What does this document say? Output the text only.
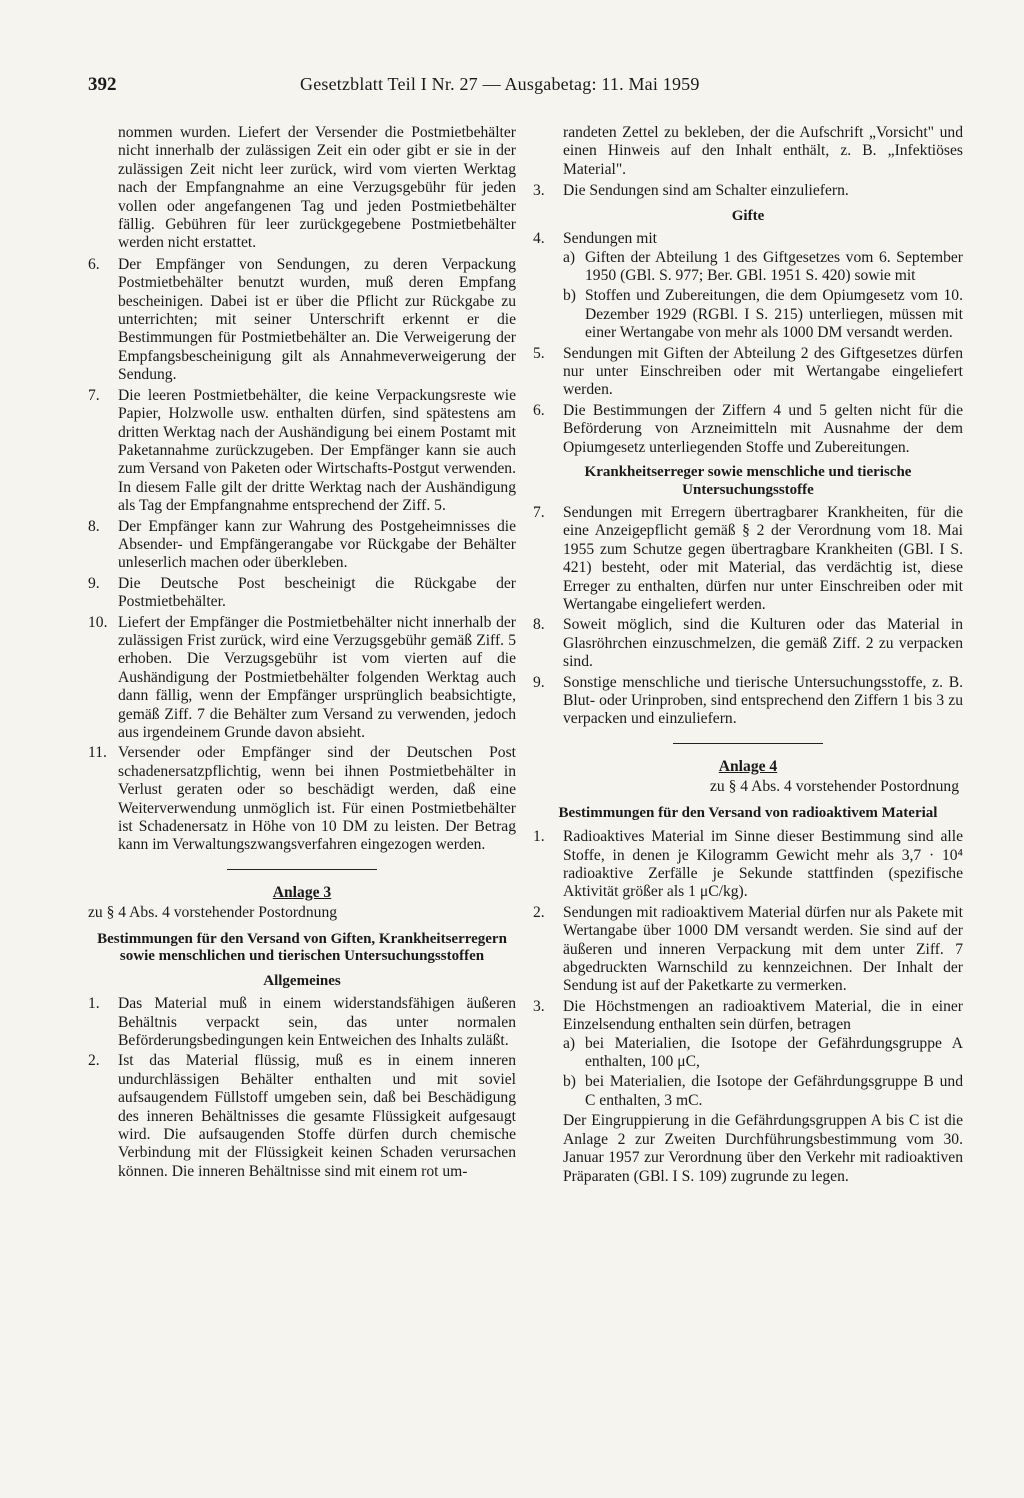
392	Gesetzblatt Teil I Nr. 27 — Ausgabetag: 11. Mai 1959
nommen wurden. Liefert der Versender die Postmietbehälter nicht innerhalb der zulässigen Zeit ein oder gibt er sie in der zulässigen Zeit nicht leer zurück, wird vom vierten Werktag nach der Empfangnahme an eine Verzugsgebühr für jeden vollen oder angefangenen Tag und jeden Postmietbehälter fällig. Gebühren für leer zurückgegebene Postmietbehälter werden nicht erstattet.
6. Der Empfänger von Sendungen, zu deren Verpackung Postmietbehälter benutzt wurden, muß deren Empfang bescheinigen. Dabei ist er über die Pflicht zur Rückgabe zu unterrichten; mit seiner Unterschrift erkennt er die Bestimmungen für Postmietbehälter an. Die Verweigerung der Empfangsbescheinigung gilt als Annahmeverweigerung der Sendung.
7. Die leeren Postmietbehälter, die keine Verpackungsreste wie Papier, Holzwolle usw. enthalten dürfen, sind spätestens am dritten Werktag nach der Aushändigung bei einem Postamt mit Paketannahme zurückzugeben. Der Empfänger kann sie auch zum Versand von Paketen oder Wirtschafts-Postgut verwenden. In diesem Falle gilt der dritte Werktag nach der Aushändigung als Tag der Empfangnahme entsprechend der Ziff. 5.
8. Der Empfänger kann zur Wahrung des Postgeheimnisses die Absender- und Empfängerangabe vor Rückgabe der Behälter unleserlich machen oder überkleben.
9. Die Deutsche Post bescheinigt die Rückgabe der Postmietbehälter.
10. Liefert der Empfänger die Postmietbehälter nicht innerhalb der zulässigen Frist zurück, wird eine Verzugsgebühr gemäß Ziff. 5 erhoben. Die Verzugsgebühr ist vom vierten auf die Aushändigung der Postmietbehälter folgenden Werktag auch dann fällig, wenn der Empfänger ursprünglich beabsichtigte, gemäß Ziff. 7 die Behälter zum Versand zu verwenden, jedoch aus irgendeinem Grunde davon absieht.
11. Versender oder Empfänger sind der Deutschen Post schadenersatzpflichtig, wenn bei ihnen Postmietbehälter in Verlust geraten oder so beschädigt werden, daß eine Weiterverwendung unmöglich ist. Für einen Postmietbehälter ist Schadenersatz in Höhe von 10 DM zu leisten. Der Betrag kann im Verwaltungszwangsverfahren eingezogen werden.
Anlage 3
zu § 4 Abs. 4 vorstehender Postordnung
Bestimmungen für den Versand von Giften, Krankheitserregern sowie menschlichen und tierischen Untersuchungsstoffen
Allgemeines
1. Das Material muß in einem widerstandsfähigen äußeren Behältnis verpackt sein, das unter normalen Beförderungsbedingungen kein Entweichen des Inhalts zuläßt.
2. Ist das Material flüssig, muß es in einem inneren undurchlässigen Behälter enthalten und mit soviel aufsaugendem Füllstoff umgeben sein, daß bei Beschädigung des inneren Behältnisses die gesamte Flüssigkeit aufgesaugt wird. Die aufsaugenden Stoffe dürfen durch chemische Verbindung mit der Flüssigkeit keinen Schaden verursachen können. Die inneren Behältnisse sind mit einem rot um-
randeten Zettel zu bekleben, der die Aufschrift „Vorsicht" und einen Hinweis auf den Inhalt enthält, z. B. „Infektiöses Material".
3. Die Sendungen sind am Schalter einzuliefern.
Gifte
4. Sendungen mit
a) Giften der Abteilung 1 des Giftgesetzes vom 6. September 1950 (GBl. S. 977; Ber. GBl. 1951 S. 420) sowie mit
b) Stoffen und Zubereitungen, die dem Opiumgesetz vom 10. Dezember 1929 (RGBl. I S. 215) unterliegen, müssen mit einer Wertangabe von mehr als 1000 DM versandt werden.
5. Sendungen mit Giften der Abteilung 2 des Giftgesetzes dürfen nur unter Einschreiben oder mit Wertangabe eingeliefert werden.
6. Die Bestimmungen der Ziffern 4 und 5 gelten nicht für die Beförderung von Arzneimitteln mit Ausnahme der dem Opiumgesetz unterliegenden Stoffe und Zubereitungen.
Krankheitserreger sowie menschliche und tierische Untersuchungsstoffe
7. Sendungen mit Erregern übertragbarer Krankheiten, für die eine Anzeigepflicht gemäß § 2 der Verordnung vom 18. Mai 1955 zum Schutze gegen übertragbare Krankheiten (GBl. I S. 421) besteht, oder mit Material, das verdächtig ist, diese Erreger zu enthalten, dürfen nur unter Einschreiben oder mit Wertangabe eingeliefert werden.
8. Soweit möglich, sind die Kulturen oder das Material in Glasröhrchen einzuschmelzen, die gemäß Ziff. 2 zu verpacken sind.
9. Sonstige menschliche und tierische Untersuchungsstoffe, z. B. Blut- oder Urinproben, sind entsprechend den Ziffern 1 bis 3 zu verpacken und einzuliefern.
Anlage 4
zu § 4 Abs. 4 vorstehender Postordnung
Bestimmungen für den Versand von radioaktivem Material
1. Radioaktives Material im Sinne dieser Bestimmung sind alle Stoffe, in denen je Kilogramm Gewicht mehr als 3,7 · 10⁴ radioaktive Zerfälle je Sekunde stattfinden (spezifische Aktivität größer als 1 μC/kg).
2. Sendungen mit radioaktivem Material dürfen nur als Pakete mit Wertangabe über 1000 DM versandt werden. Sie sind auf der äußeren und inneren Verpackung mit dem unter Ziff. 7 abgedruckten Warnschild zu kennzeichnen. Der Inhalt der Sendung ist auf der Paketkarte zu vermerken.
3. Die Höchstmengen an radioaktivem Material, die in einer Einzelsendung enthalten sein dürfen, betragen
a) bei Materialien, die Isotope der Gefährdungsgruppe A enthalten, 100 μC,
b) bei Materialien, die Isotope der Gefährdungsgruppe B und C enthalten, 3 mC.
Der Eingruppierung in die Gefährdungsgruppen A bis C ist die Anlage 2 zur Zweiten Durchführungsbestimmung vom 30. Januar 1957 zur Verordnung über den Verkehr mit radioaktiven Präparaten (GBl. I S. 109) zugrunde zu legen.
